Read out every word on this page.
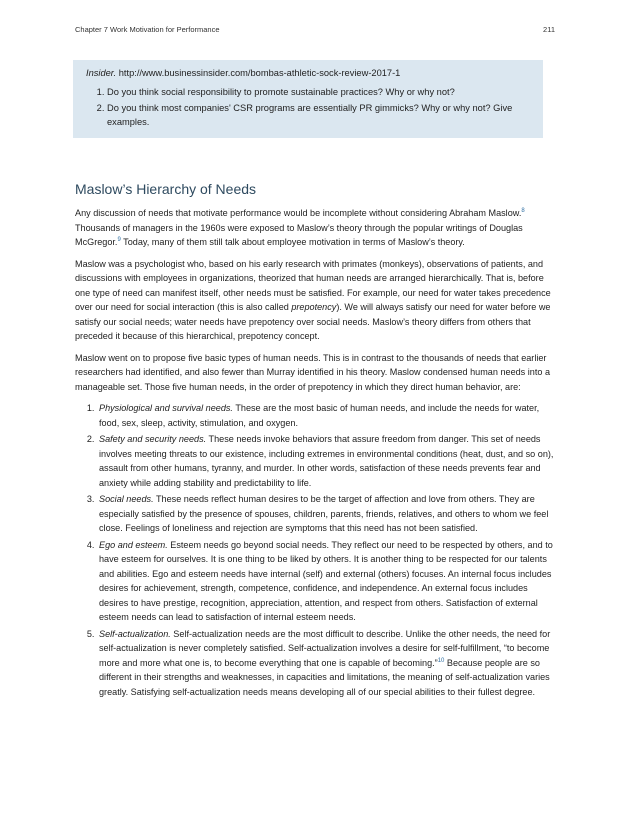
Chapter 7 Work Motivation for Performance	211
Insider. http://www.businessinsider.com/bombas-athletic-sock-review-2017-1
1. Do you think social responsibility to promote sustainable practices? Why or why not?
2. Do you think most companies' CSR programs are essentially PR gimmicks? Why or why not? Give examples.
Maslow’s Hierarchy of Needs

Any discussion of needs that motivate performance would be incomplete without considering Abraham Maslow.$^8$ Thousands of managers in the 1960s were exposed to Maslow’s theory through the popular writings of Douglas McGregor.$^9$ Today, many of them still talk about employee motivation in terms of Maslow’s theory.

Maslow was a psychologist who, based on his early research with primates (monkeys), observations of patients, and discussions with employees in organizations, theorized that human needs are arranged hierarchically. That is, before one type of need can manifest itself, other needs must be satisfied. For example, our need for water takes precedence over our need for social interaction (this is also called prepotency). We will always satisfy our need for water before we satisfy our social needs; water needs have prepotency over social needs. Maslow’s theory differs from others that preceded it because of this hierarchical, prepotency concept.

Maslow went on to propose five basic types of human needs. This is in contrast to the thousands of needs that earlier researchers had identified, and also fewer than Murray identified in his theory. Maslow condensed human needs into a manageable set. Those five human needs, in the order of prepotency in which they direct human behavior, are:

1. Physiological and survival needs. These are the most basic of human needs, and include the needs for water, food, sex, sleep, activity, stimulation, and oxygen.
2. Safety and security needs. These needs invoke behaviors that assure freedom from danger. This set of needs involves meeting threats to our existence, including extremes in environmental conditions (heat, dust, and so on), assault from other humans, tyranny, and murder. In other words, satisfaction of these needs prevents fear and anxiety while adding stability and predictability to life.
3. Social needs. These needs reflect human desires to be the target of affection and love from others. They are especially satisfied by the presence of spouses, children, parents, friends, relatives, and others to whom we feel close. Feelings of loneliness and rejection are symptoms that this need has not been satisfied.
4. Ego and esteem. Esteem needs go beyond social needs. They reflect our need to be respected by others, and to have esteem for ourselves. It is one thing to be liked by others. It is another thing to be respected for our talents and abilities. Ego and esteem needs have internal (self) and external (others) focuses. An internal focus includes desires for achievement, strength, competence, confidence, and independence. An external focus includes desires to have prestige, recognition, appreciation, attention, and respect from others. Satisfaction of external esteem needs can lead to satisfaction of internal esteem needs.
5. Self-actualization. Self-actualization needs are the most difficult to describe. Unlike the other needs, the need for self-actualization is never completely satisfied. Self-actualization involves a desire for self-fulfillment, “to become more and more what one is, to become everything that one is capable of becoming.”$^{10}$ Because people are so different in their strengths and weaknesses, in capacities and limitations, the meaning of self-actualization varies greatly. Satisfying self-actualization needs means developing all of our special abilities to their fullest degree.
